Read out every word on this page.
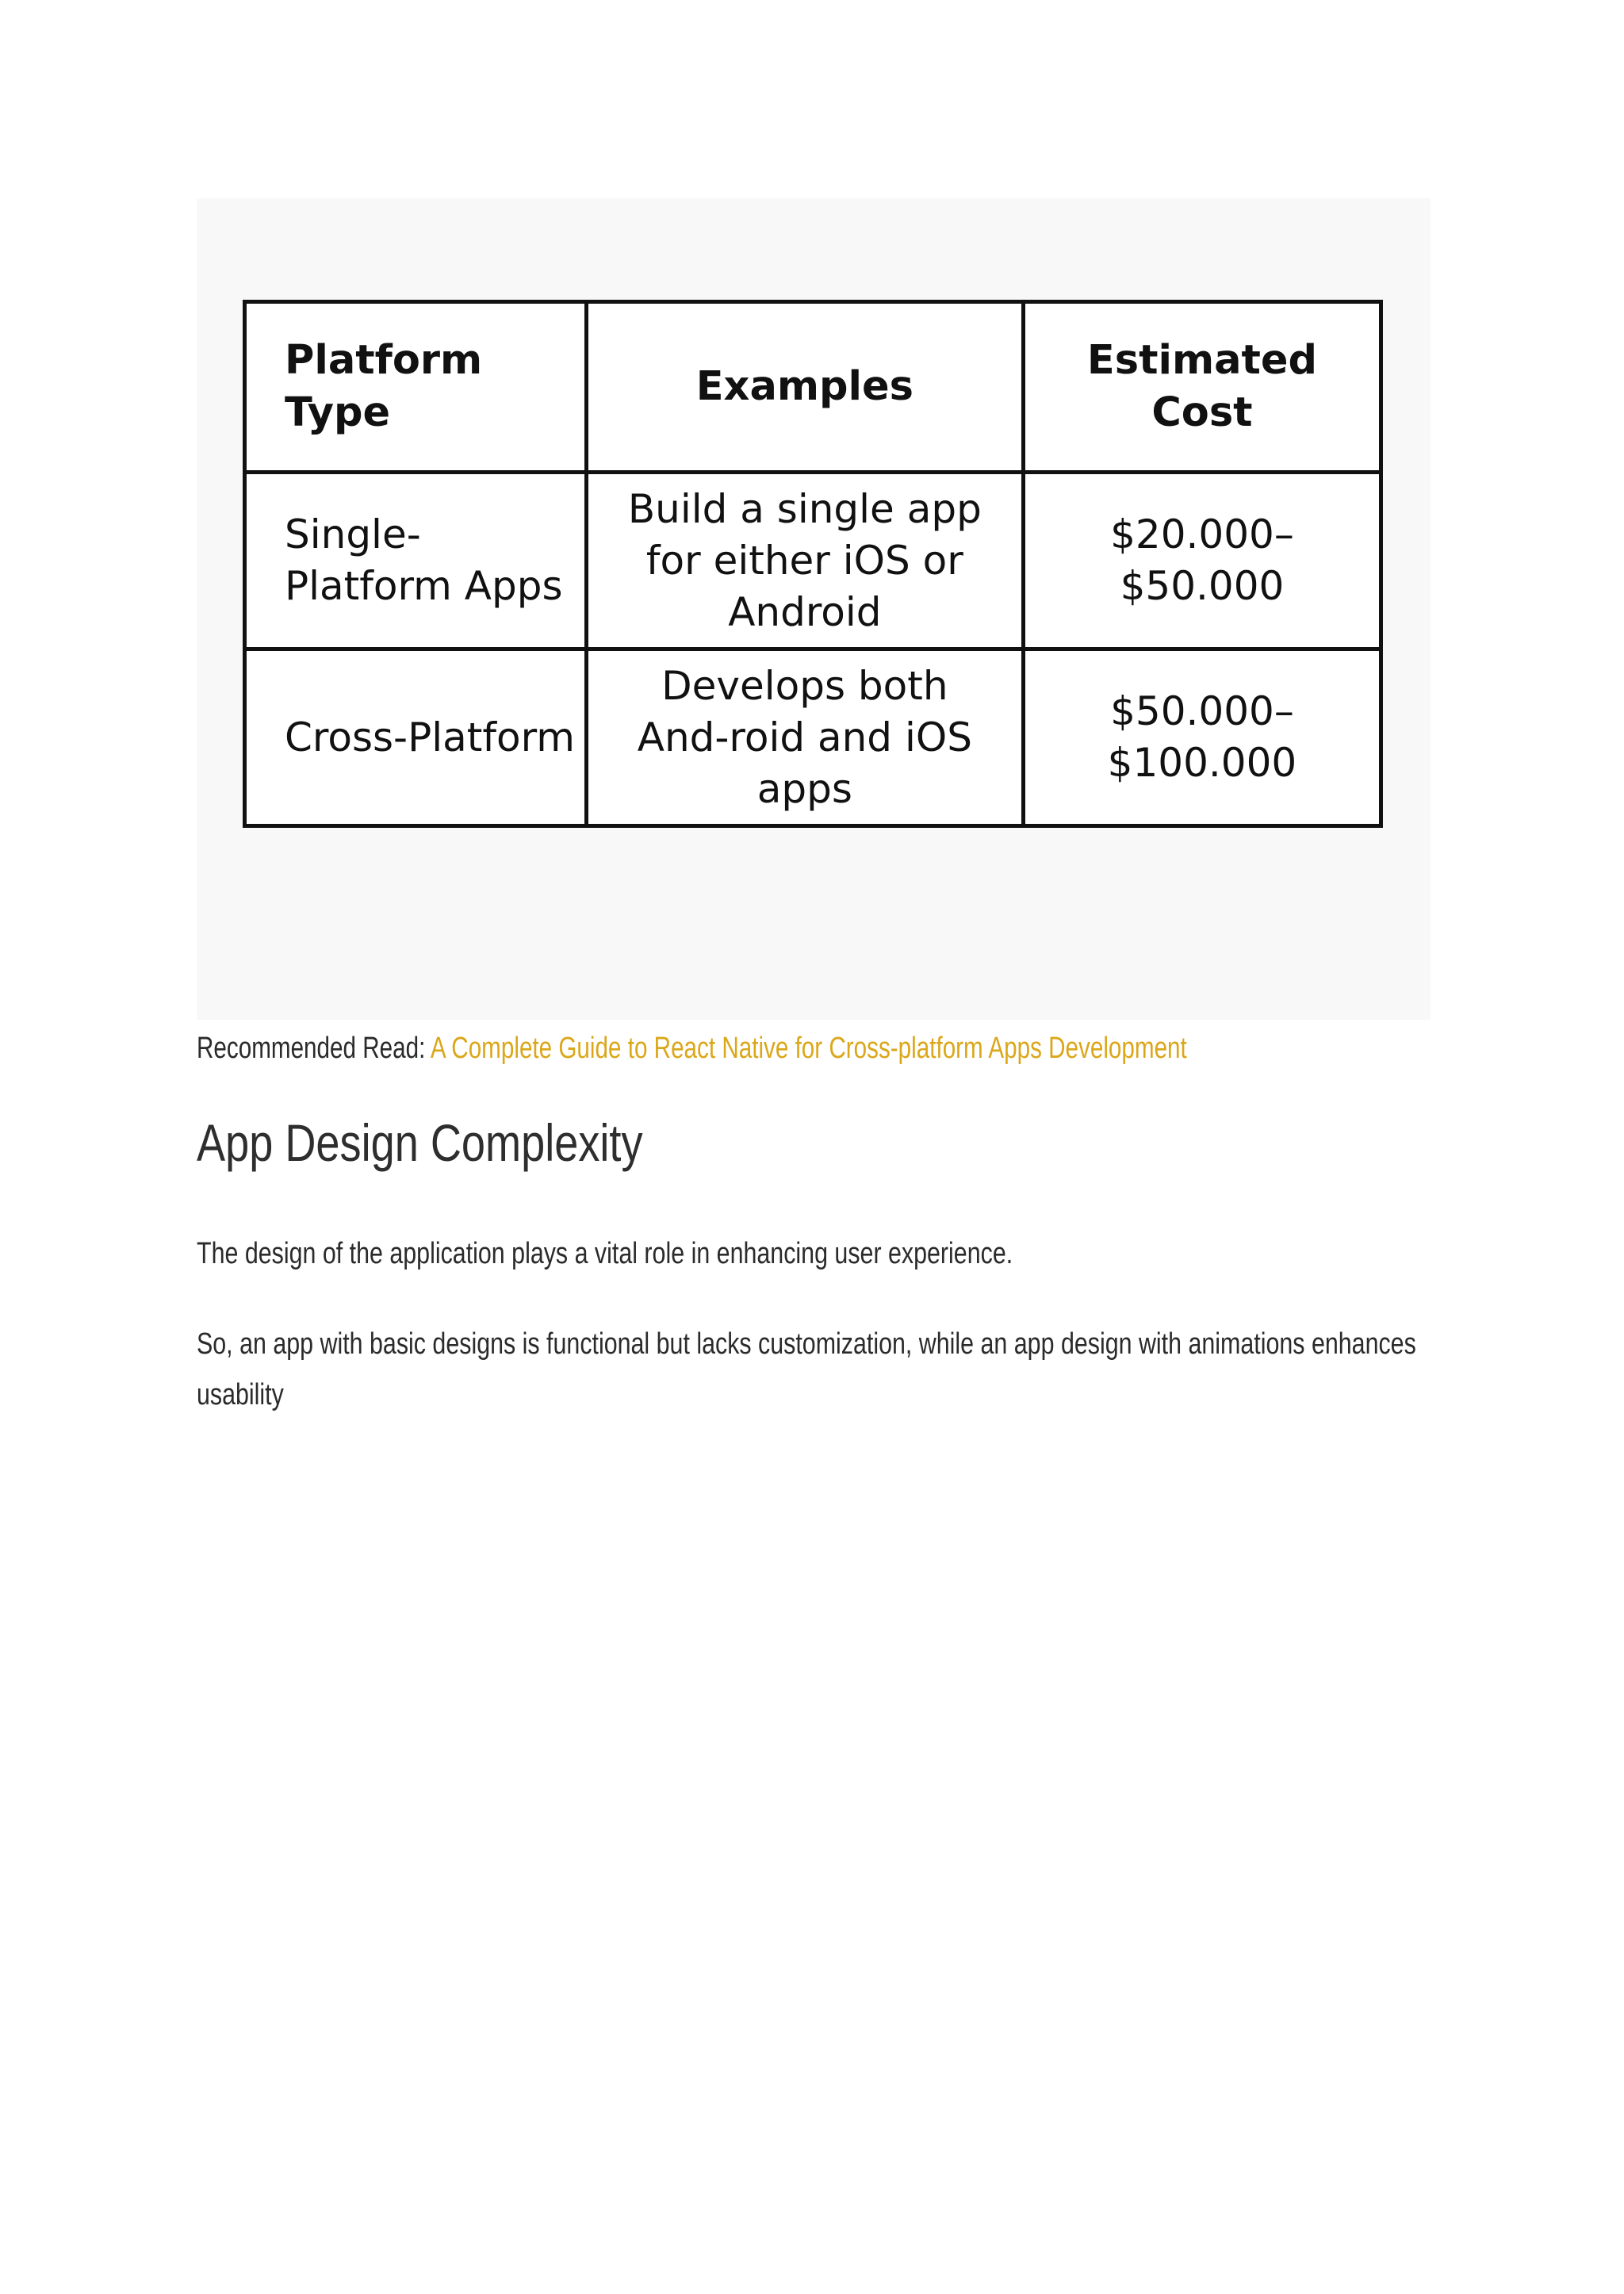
Platform Type	Examples	Estimated Cost
Single-Platform Apps	Build a single app for either iOS or Android	$20.000–$50.000
Cross-Platform	Develops both And-roid and iOS apps	$50.000–$100.000
Recommended Read: A Complete Guide to React Native for Cross-platform Apps Development
App Design Complexity

The design of the application plays a vital role in enhancing user experience.

So, an app with basic designs is functional but lacks customization, while an app design with animations enhances usability
